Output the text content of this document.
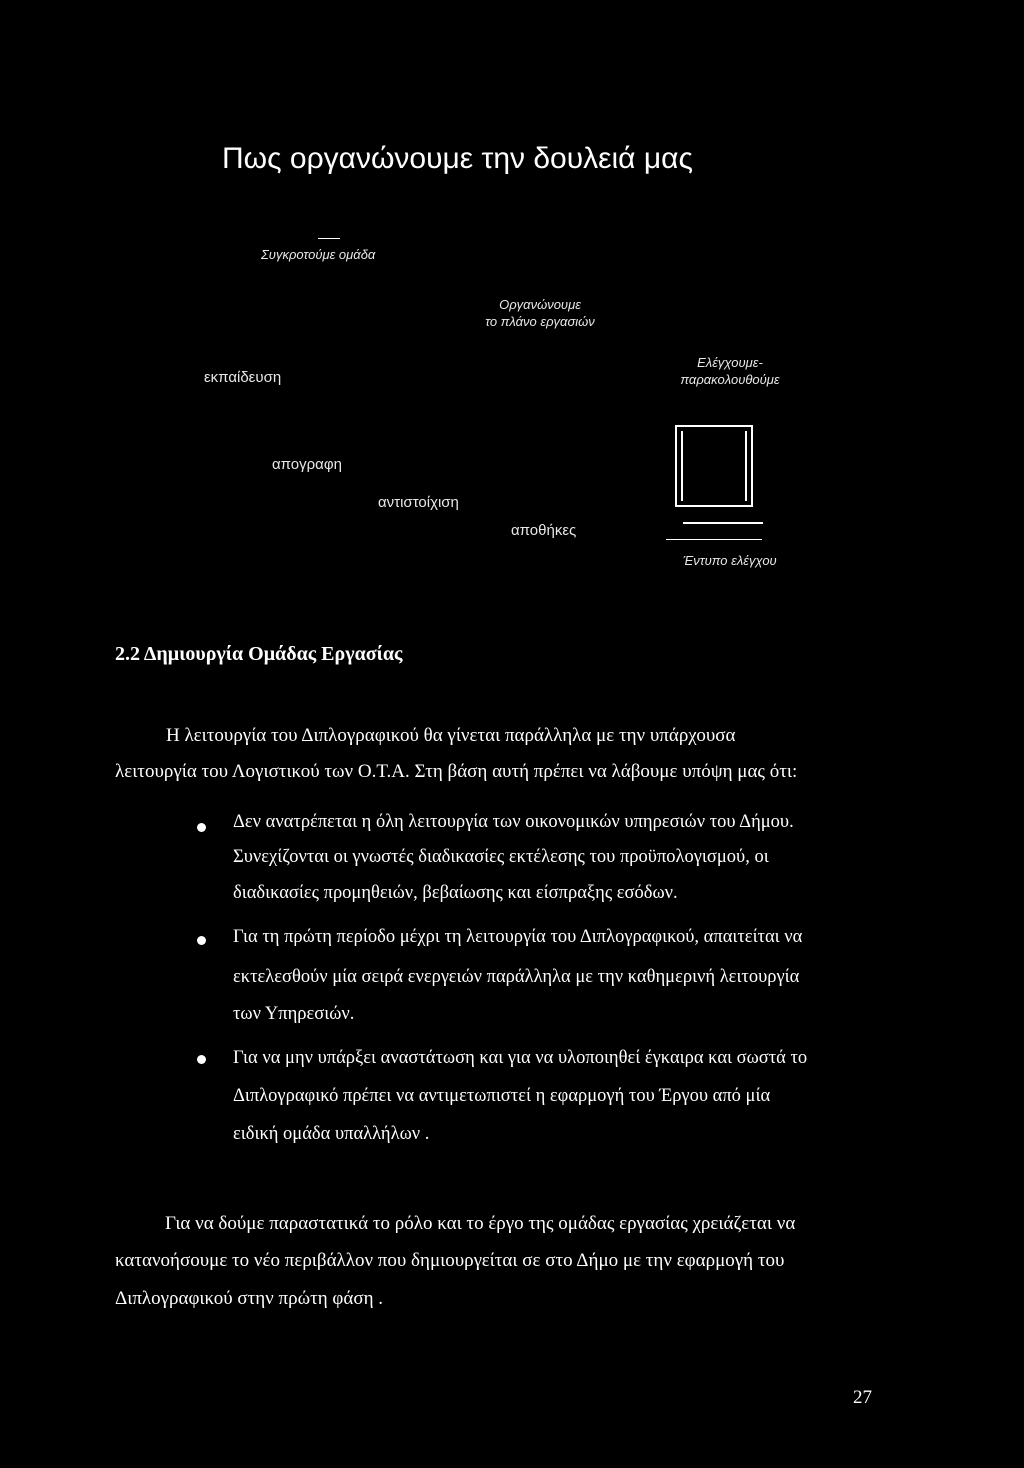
Πως οργανώνουμε την δουλειά μας
Συγκροτούμε ομάδα
Οργανώνουμε
το πλάνο εργασιών
εκπαίδευση
Ελέγχουμε-
παρακολουθούμε
απογραφη
αντιστοίχιση
αποθήκες
Έντυπο ελέγχου
2.2 Δημιουργία Ομάδας Εργασίας
Η λειτουργία του Διπλογραφικού θα γίνεται παράλληλα με την υπάρχουσα
λειτουργία του Λογιστικού των Ο.Τ.Α. Στη βάση αυτή πρέπει να λάβουμε υπόψη μας ότι:
Δεν ανατρέπεται η όλη λειτουργία των οικονομικών υπηρεσιών του Δήμου.
Συνεχίζονται οι γνωστές διαδικασίες εκτέλεσης του προϋπολογισμού, οι
διαδικασίες προμηθειών, βεβαίωσης και είσπραξης εσόδων.
Για τη πρώτη περίοδο μέχρι τη λειτουργία του Διπλογραφικού, απαιτείται να
εκτελεσθούν μία σειρά ενεργειών παράλληλα με την καθημερινή λειτουργία
των Υπηρεσιών.
Για να μην υπάρξει αναστάτωση και για να υλοποιηθεί έγκαιρα και σωστά το
Διπλογραφικό πρέπει να αντιμετωπιστεί η εφαρμογή του Έργου από μία
ειδική ομάδα υπαλλήλων .
Για να δούμε παραστατικά το ρόλο και το έργο της ομάδας εργασίας χρειάζεται να
κατανοήσουμε το νέο περιβάλλον που δημιουργείται σε στο Δήμο με την εφαρμογή του
Διπλογραφικού στην πρώτη φάση .
27
